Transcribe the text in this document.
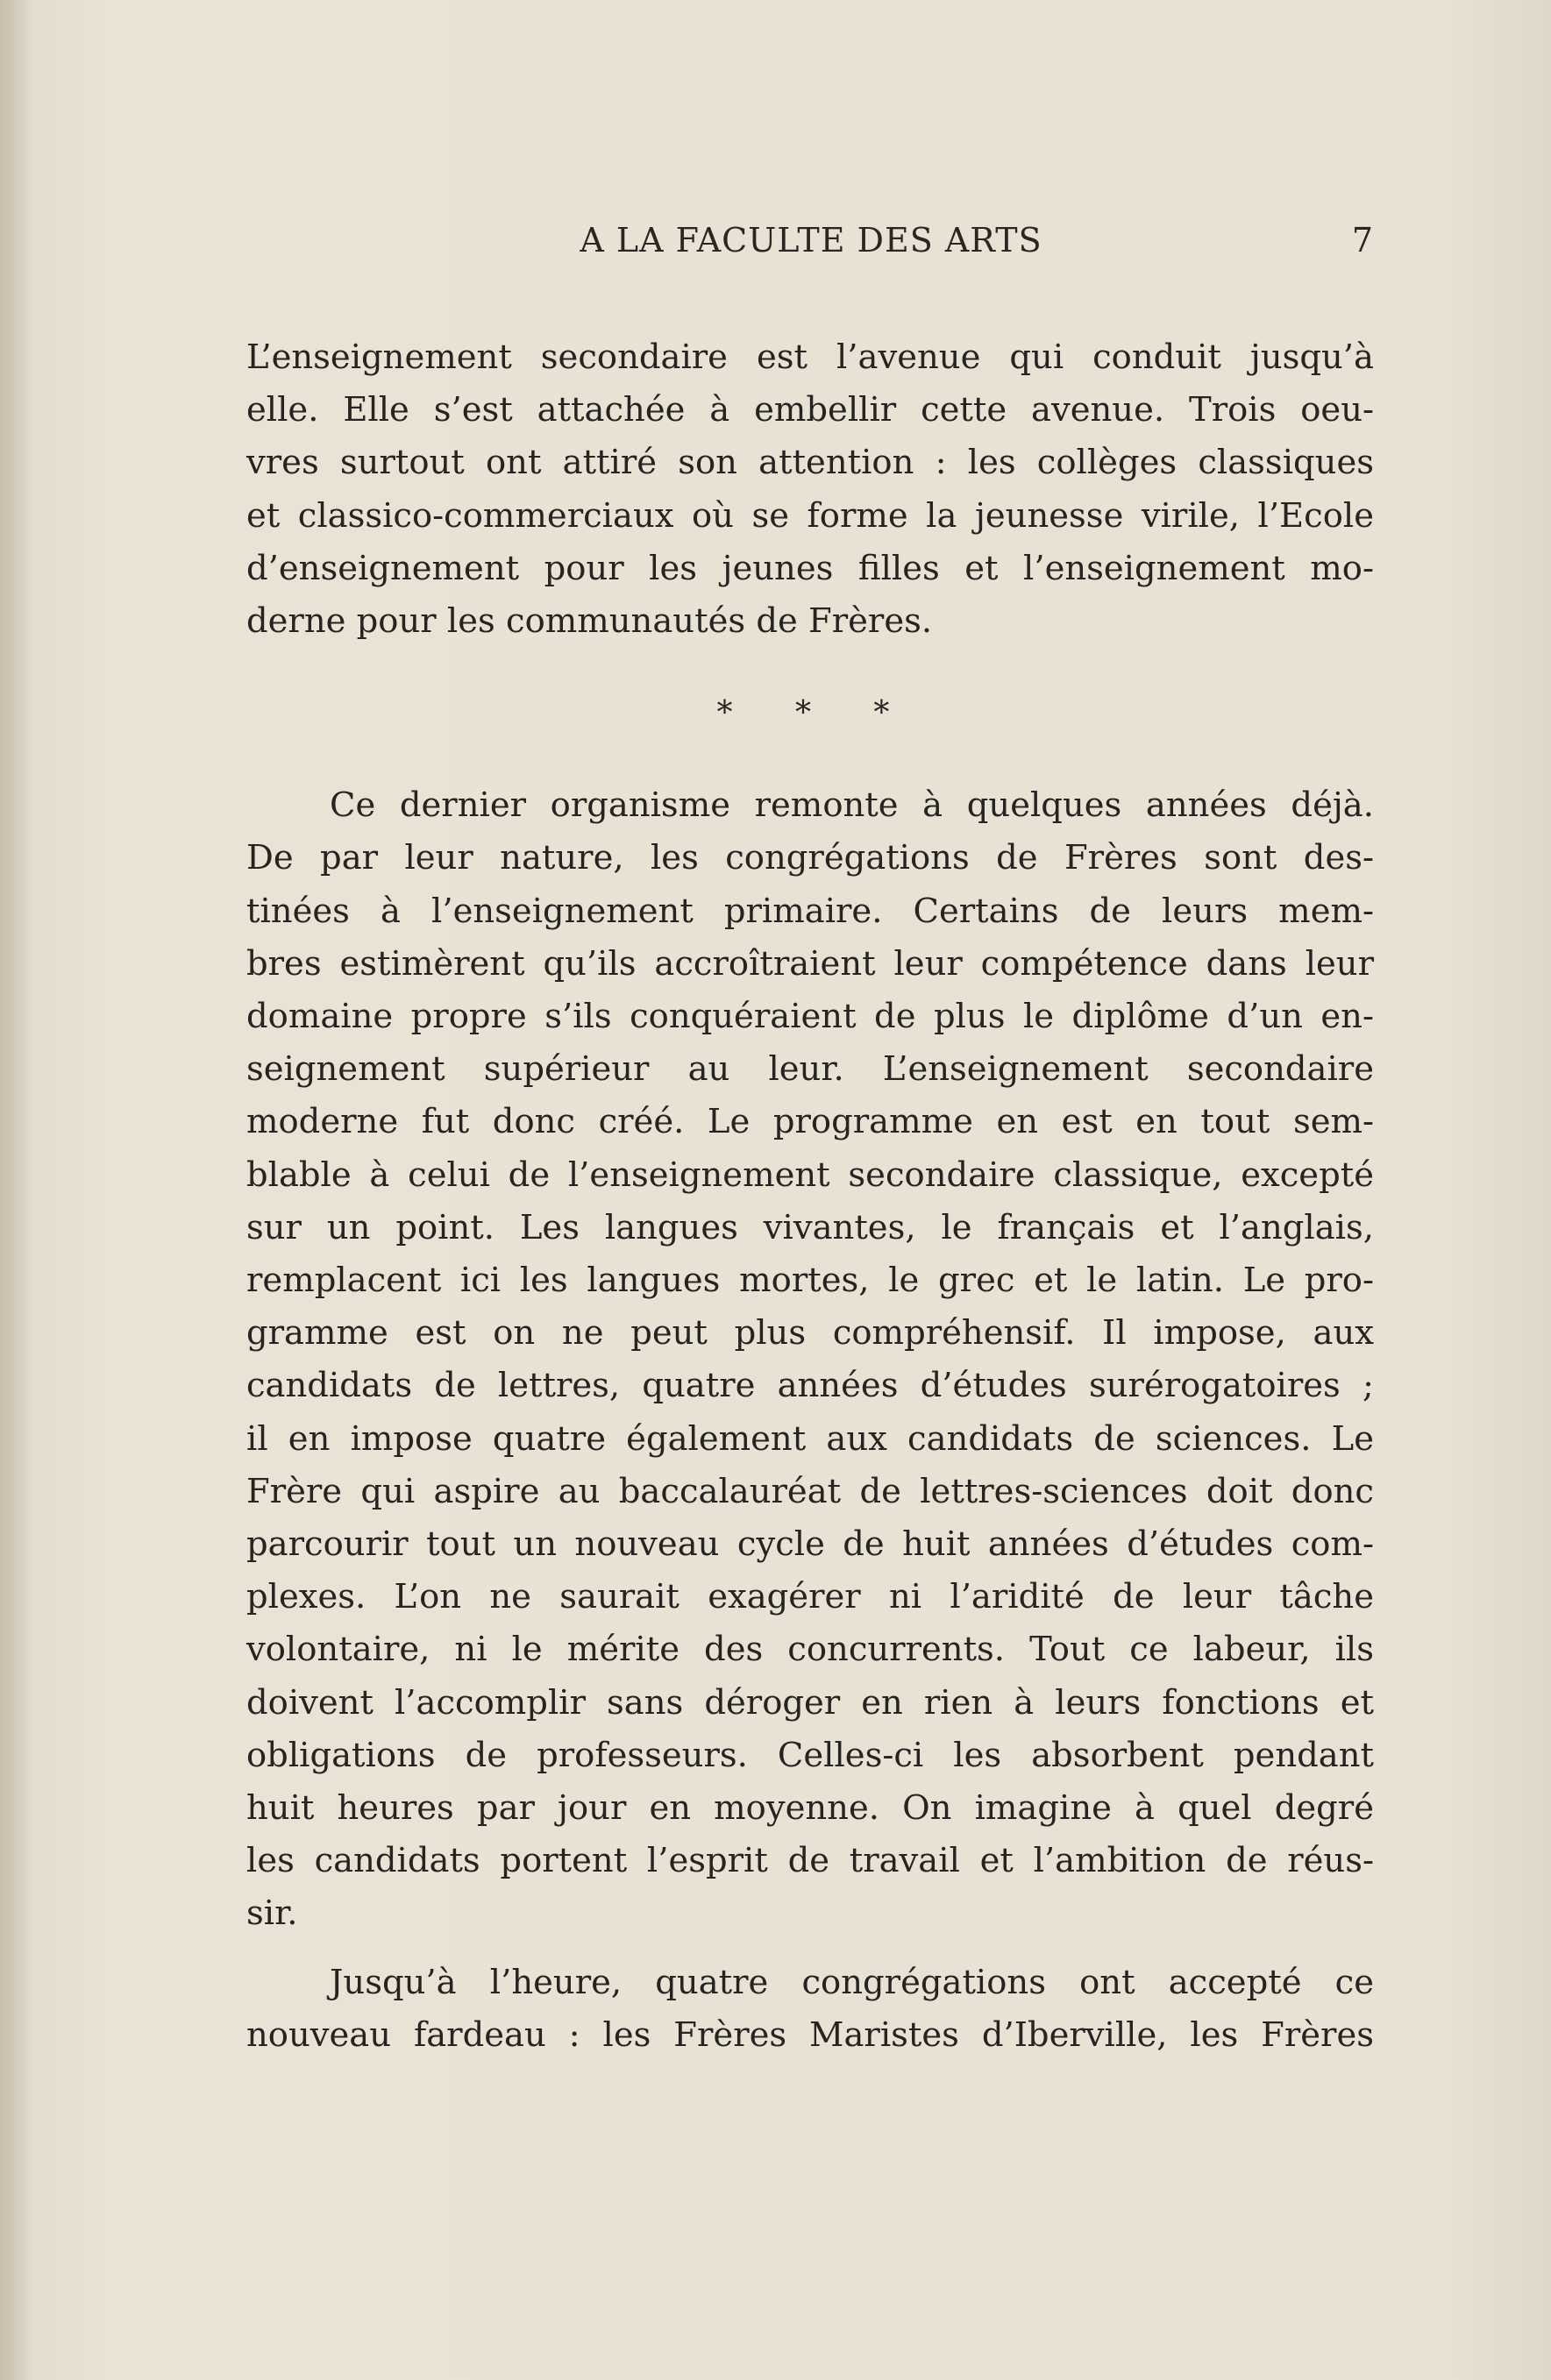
A LA FACULTE DES ARTS	7

L’enseignement secondaire est l’avenue qui conduit jusqu’à
elle. Elle s’est attachée à embellir cette avenue. Trois oeu-
vres surtout ont attiré son attention : les collèges classiques
et classico-commerciaux où se forme la jeunesse virile, l’Ecole
d’enseignement pour les jeunes filles et l’enseignement mo-
derne pour les communautés de Frères.

* * *

Ce dernier organisme remonte à quelques années déjà.
De par leur nature, les congrégations de Frères sont des-
tinées à l’enseignement primaire. Certains de leurs mem-
bres estimèrent qu’ils accroîtraient leur compétence dans leur
domaine propre s’ils conquéraient de plus le diplôme d’un en-
seignement supérieur au leur. L’enseignement secondaire
moderne fut donc créé. Le programme en est en tout sem-
blable à celui de l’enseignement secondaire classique, excepté
sur un point. Les langues vivantes, le français et l’anglais,
remplacent ici les langues mortes, le grec et le latin. Le pro-
gramme est on ne peut plus compréhensif. Il impose, aux
candidats de lettres, quatre années d’études surérogatoires ;
il en impose quatre également aux candidats de sciences. Le
Frère qui aspire au baccalauréat de lettres-sciences doit donc
parcourir tout un nouveau cycle de huit années d’études com-
plexes. L’on ne saurait exagérer ni l’aridité de leur tâche
volontaire, ni le mérite des concurrents. Tout ce labeur, ils
doivent l’accomplir sans déroger en rien à leurs fonctions et
obligations de professeurs. Celles-ci les absorbent pendant
huit heures par jour en moyenne. On imagine à quel degré
les candidats portent l’esprit de travail et l’ambition de réus-
sir.

Jusqu’à l’heure, quatre congrégations ont accepté ce
nouveau fardeau : les Frères Maristes d’Iberville, les Frères
